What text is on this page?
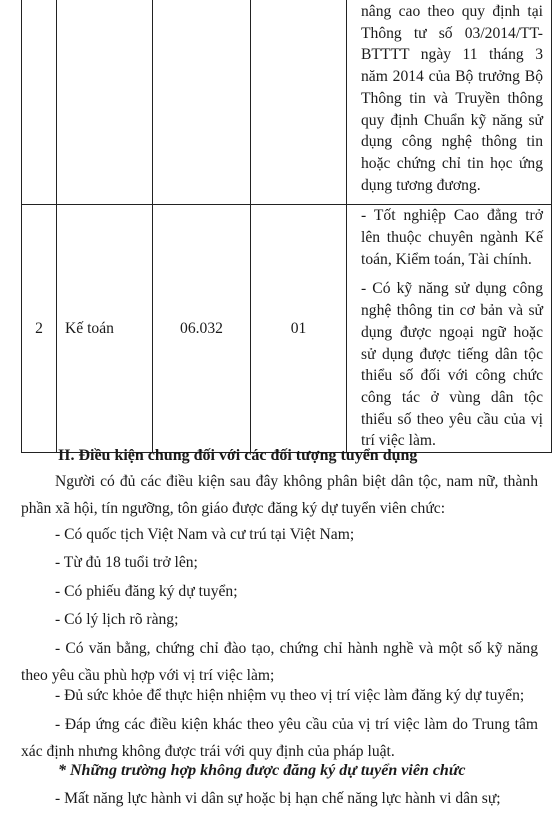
				nâng cao theo quy định tại Thông tư số 03/2014/TT-BTTTT ngày 11 tháng 3 năm 2014 của Bộ trưởng Bộ Thông tin và Truyền thông quy định Chuẩn kỹ năng sử dụng công nghệ thông tin hoặc chứng chỉ tin học ứng dụng tương đương.

2	Kế toán	06.032	01	- Tốt nghiệp Cao đẳng trở lên thuộc chuyên ngành Kế toán, Kiểm toán, Tài chính.

- Có kỹ năng sử dụng công nghệ thông tin cơ bản và sử dụng được ngoại ngữ hoặc sử dụng được tiếng dân tộc thiểu số đối với công chức công tác ở vùng dân tộc thiểu số theo yêu cầu của vị trí việc làm.

II. Điều kiện chung đối với các đối tượng tuyển dụng

Người có đủ các điều kiện sau đây không phân biệt dân tộc, nam nữ, thành phần xã hội, tín ngưỡng, tôn giáo được đăng ký dự tuyển viên chức:

- Có quốc tịch Việt Nam và cư trú tại Việt Nam;

- Từ đủ 18 tuổi trở lên;

- Có phiếu đăng ký dự tuyển;

- Có lý lịch rõ ràng;

- Có văn bằng, chứng chỉ đào tạo, chứng chỉ hành nghề và một số kỹ năng theo yêu cầu phù hợp với vị trí việc làm;

- Đủ sức khỏe để thực hiện nhiệm vụ theo vị trí việc làm đăng ký dự tuyển;

- Đáp ứng các điều kiện khác theo yêu cầu của vị trí việc làm do Trung tâm xác định nhưng không được trái với quy định của pháp luật.

* Những trường hợp không được đăng ký dự tuyển viên chức

- Mất năng lực hành vi dân sự hoặc bị hạn chế năng lực hành vi dân sự;
